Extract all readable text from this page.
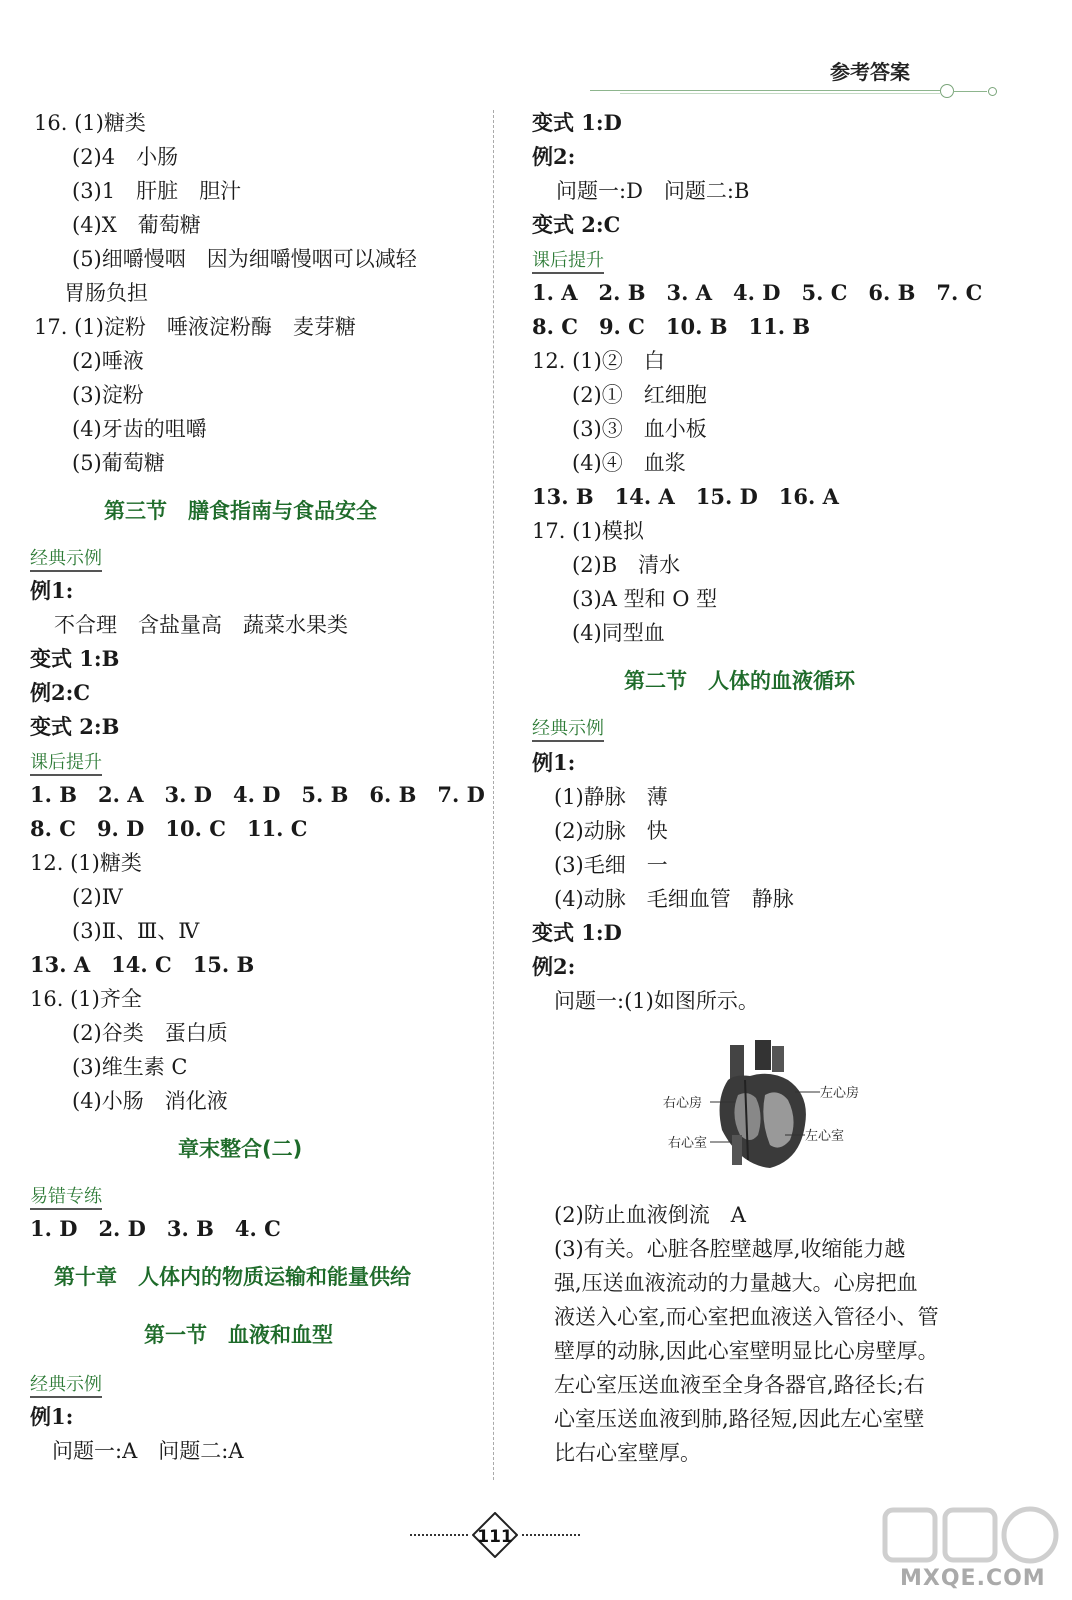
参考答案
16. (1)糖类
(2)4　小肠
(3)1　肝脏　胆汁
(4)X　葡萄糖
(5)细嚼慢咽　因为细嚼慢咽可以减轻
胃肠负担
17. (1)淀粉　唾液淀粉酶　麦芽糖
(2)唾液
(3)淀粉
(4)牙齿的咀嚼
(5)葡萄糖
第三节　膳食指南与食品安全
经典示例
例1:
不合理　含盐量高　蔬菜水果类
变式 1:B
例2:C
变式 2:B
课后提升
1. B　2. A　3. D　4. D　5. B　6. B　7. D
8. C　9. D　10. C　11. C
12. (1)糖类
(2)Ⅳ
(3)Ⅱ、Ⅲ、Ⅳ
13. A　14. C　15. B
16. (1)齐全
(2)谷类　蛋白质
(3)维生素 C
(4)小肠　消化液
章末整合(二)
易错专练
1. D　2. D　3. B　4. C
第十章　人体内的物质运输和能量供给
第一节　血液和血型
经典示例
例1:
问题一:A　问题二:A
变式 1:D
例2:
问题一:D　问题二:B
变式 2:C
课后提升
1. A　2. B　3. A　4. D　5. C　6. B　7. C
8. C　9. C　10. B　11. B
12. (1)②　白
(2)①　红细胞
(3)③　血小板
(4)④　血浆
13. B　14. A　15. D　16. A
17. (1)模拟
(2)B　清水
(3)A 型和 O 型
(4)同型血
第二节　人体的血液循环
经典示例
例1:
(1)静脉　薄
(2)动脉　快
(3)毛细　一
(4)动脉　毛细血管　静脉
变式 1:D
例2:
问题一:(1)如图所示。
右心房
左心房
右心室	左心室
(2)防止血液倒流　A
(3)有关。心脏各腔壁越厚,收缩能力越
强,压送血液流动的力量越大。心房把血
液送入心室,而心室把血液送入管径小、管
壁厚的动脉,因此心室壁明显比心房壁厚。
左心室压送血液至全身各器官,路径长;右
心室压送血液到肺,路径短,因此左心室壁
比右心室壁厚。
111
MXQE.COM
